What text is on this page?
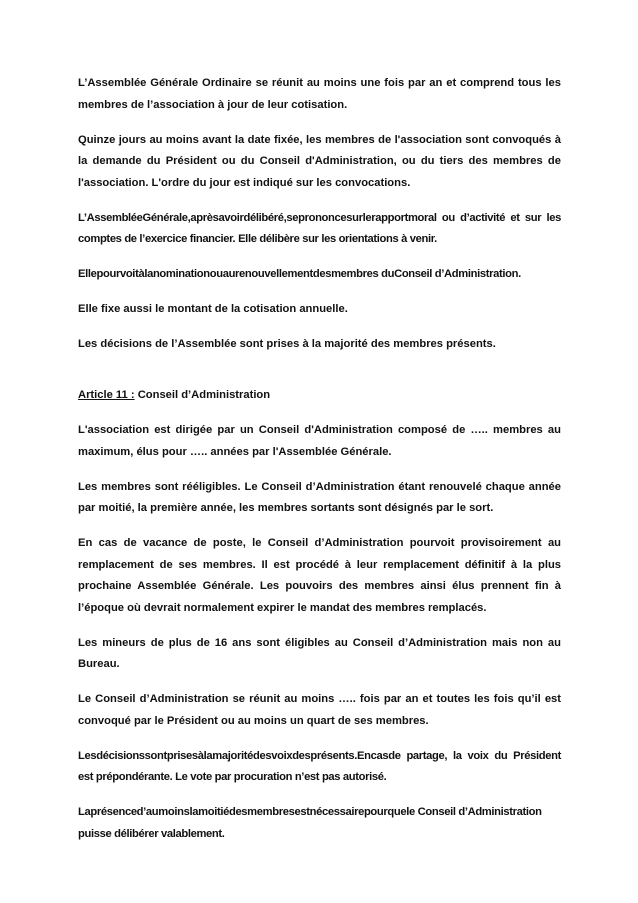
L’Assemblée Générale Ordinaire se réunit au moins une fois par an et comprend tous les membres de l’association à jour de leur cotisation.

Quinze jours au moins avant la date fixée, les membres de l'association sont convoqués à la demande du Président ou du Conseil d'Administration, ou du tiers des membres de l'association. L'ordre du jour est indiqué sur les convocations.

L’AssembléeGénérale,aprèsavoirdélibéré,seprononcesurlerapportmoral ou d’activité et sur les comptes de l’exercice financier. Elle délibère sur les orientations à venir.

Ellepourvoitàlanominationouaurenouvellementdesmembres duConseil d’Administration.

Elle fixe aussi le montant de la cotisation annuelle.

Les décisions de l’Assemblée sont prises à la majorité des membres présents.

Article 11 : Conseil d’Administration

L'association est dirigée par un Conseil d'Administration composé de ….. membres au maximum, élus pour ….. années par l'Assemblée Générale.

Les membres sont rééligibles. Le Conseil d’Administration étant renouvelé chaque année par moitié, la première année, les membres sortants sont désignés par le sort.

En cas de vacance de poste, le Conseil d’Administration pourvoit provisoirement au remplacement de ses membres. Il est procédé à leur remplacement définitif à la plus prochaine Assemblée Générale. Les pouvoirs des membres ainsi élus prennent fin à l’époque où devrait normalement expirer le mandat des membres remplacés.

Les mineurs de plus de 16 ans sont éligibles au Conseil d’Administration mais non au Bureau.

Le Conseil d’Administration se réunit au moins ….. fois par an et toutes les fois qu’il est convoqué par le Président ou au moins un quart de ses membres.

Lesdécisionssontprisesàlamajoritédesvoixdesprésents.Encasde partage, la voix du Président est prépondérante. Le vote par procuration n’est pas autorisé.

Laprésenced’aumoinslamoitiédesmembresestnécessairepourquele Conseil d’Administration puisse délibérer valablement.
